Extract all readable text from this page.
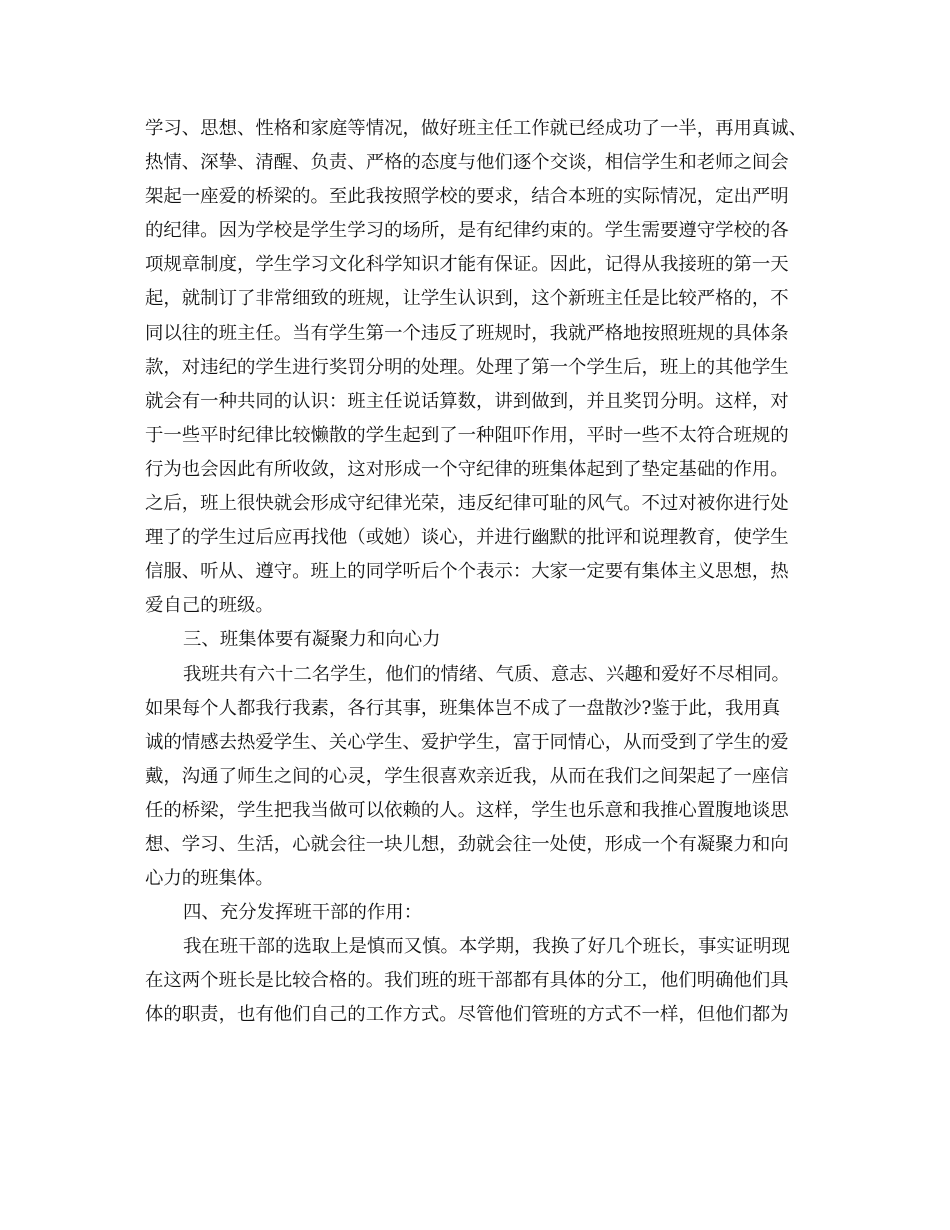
学习、思想、性格和家庭等情况，做好班主任工作就已经成功了一半，再用真诚、
热情、深挚、清醒、负责、严格的态度与他们逐个交谈，相信学生和老师之间会
架起一座爱的桥梁的。至此我按照学校的要求，结合本班的实际情况，定出严明
的纪律。因为学校是学生学习的场所，是有纪律约束的。学生需要遵守学校的各
项规章制度，学生学习文化科学知识才能有保证。因此，记得从我接班的第一天
起，就制订了非常细致的班规，让学生认识到，这个新班主任是比较严格的，不
同以往的班主任。当有学生第一个违反了班规时，我就严格地按照班规的具体条
款，对违纪的学生进行奖罚分明的处理。处理了第一个学生后，班上的其他学生
就会有一种共同的认识：班主任说话算数，讲到做到，并且奖罚分明。这样，对
于一些平时纪律比较懒散的学生起到了一种阻吓作用，平时一些不太符合班规的
行为也会因此有所收敛，这对形成一个守纪律的班集体起到了垫定基础的作用。
之后，班上很快就会形成守纪律光荣，违反纪律可耻的风气。不过对被你进行处
理了的学生过后应再找他（或她）谈心，并进行幽默的批评和说理教育，使学生
信服、听从、遵守。班上的同学听后个个表示：大家一定要有集体主义思想，热
爱自己的班级。
三、班集体要有凝聚力和向心力
我班共有六十二名学生，他们的情绪、气质、意志、兴趣和爱好不尽相同。
如果每个人都我行我素，各行其事，班集体岂不成了一盘散沙?鉴于此，我用真
诚的情感去热爱学生、关心学生、爱护学生，富于同情心，从而受到了学生的爱
戴，沟通了师生之间的心灵，学生很喜欢亲近我，从而在我们之间架起了一座信
任的桥梁，学生把我当做可以依赖的人。这样，学生也乐意和我推心置腹地谈思
想、学习、生活，心就会往一块儿想，劲就会往一处使，形成一个有凝聚力和向
心力的班集体。
四、充分发挥班干部的作用：
我在班干部的选取上是慎而又慎。本学期，我换了好几个班长，事实证明现
在这两个班长是比较合格的。我们班的班干部都有具体的分工，他们明确他们具
体的职责，也有他们自己的工作方式。尽管他们管班的方式不一样，但他们都为
